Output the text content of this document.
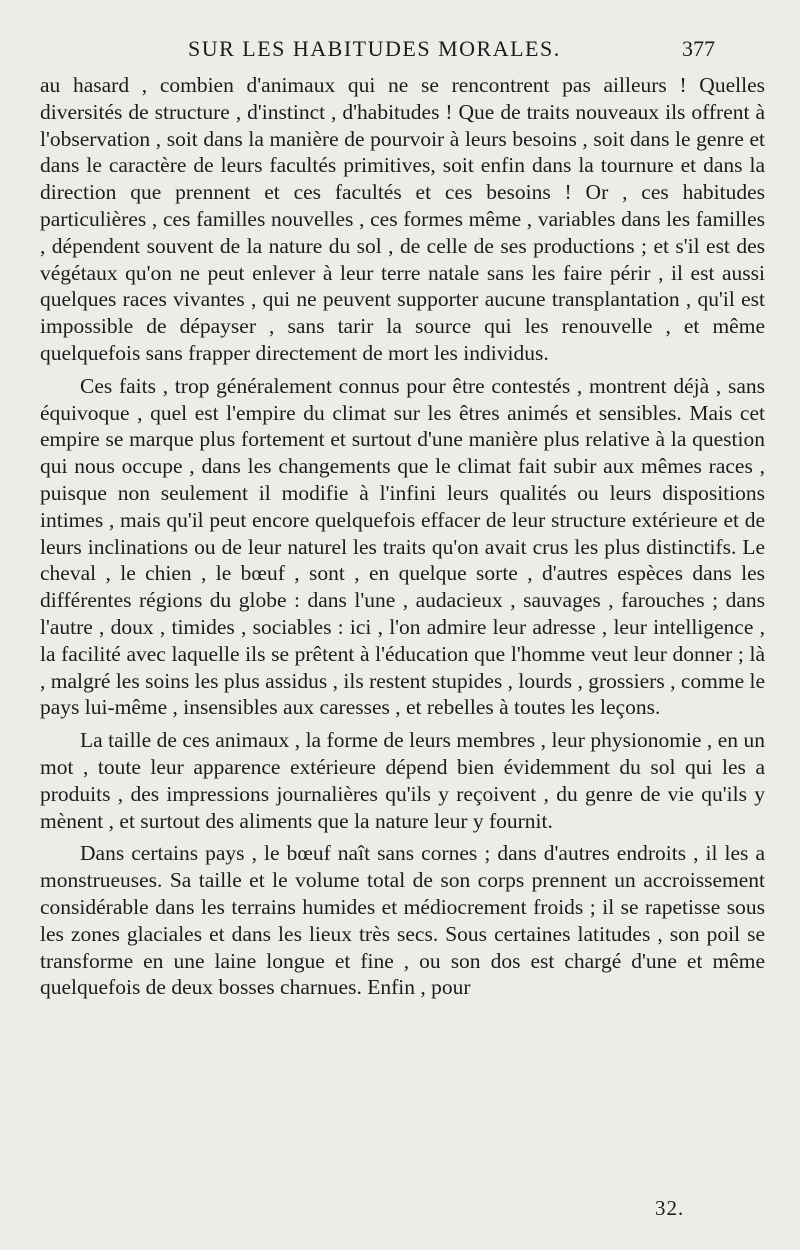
SUR LES HABITUDES MORALES.	377

au hasard , combien d'animaux qui ne se rencontrent pas ailleurs ! Quelles diversités de structure , d'instinct , d'habitudes ! Que de traits nouveaux ils offrent à l'observation , soit dans la manière de pourvoir à leurs besoins , soit dans le genre et dans le caractère de leurs facultés primitives, soit enfin dans la tournure et dans la direction que prennent et ces facultés et ces besoins ! Or , ces habitudes particulières , ces familles nouvelles , ces formes même , variables dans les familles , dépendent souvent de la nature du sol , de celle de ses productions ; et s'il est des végétaux qu'on ne peut enlever à leur terre natale sans les faire périr , il est aussi quelques races vivantes , qui ne peuvent supporter aucune transplantation , qu'il est impossible de dépayser , sans tarir la source qui les renouvelle , et même quelquefois sans frapper directement de mort les individus.

Ces faits , trop généralement connus pour être contestés , montrent déjà , sans équivoque , quel est l'empire du climat sur les êtres animés et sensibles. Mais cet empire se marque plus fortement et surtout d'une manière plus relative à la question qui nous occupe , dans les changements que le climat fait subir aux mêmes races , puisque non seulement il modifie à l'infini leurs qualités ou leurs dispositions intimes , mais qu'il peut encore quelquefois effacer de leur structure extérieure et de leurs inclinations ou de leur naturel les traits qu'on avait crus les plus distinctifs. Le cheval , le chien , le bœuf , sont , en quelque sorte , d'autres espèces dans les différentes régions du globe : dans l'une , audacieux , sauvages , farouches ; dans l'autre , doux , timides , sociables : ici , l'on admire leur adresse , leur intelligence , la facilité avec laquelle ils se prêtent à l'éducation que l'homme veut leur donner ; là , malgré les soins les plus assidus , ils restent stupides , lourds , grossiers , comme le pays lui-même , insensibles aux caresses , et rebelles à toutes les leçons.

La taille de ces animaux , la forme de leurs membres , leur physionomie , en un mot , toute leur apparence extérieure dépend bien évidemment du sol qui les a produits , des impressions journalières qu'ils y reçoivent , du genre de vie qu'ils y mènent , et surtout des aliments que la nature leur y fournit.

Dans certains pays , le bœuf naît sans cornes ; dans d'autres endroits , il les a monstrueuses. Sa taille et le volume total de son corps prennent un accroissement considérable dans les terrains humides et médiocrement froids ; il se rapetisse sous les zones glaciales et dans les lieux très secs. Sous certaines latitudes , son poil se transforme en une laine longue et fine , ou son dos est chargé d'une et même quelquefois de deux bosses charnues. Enfin , pour

32.
